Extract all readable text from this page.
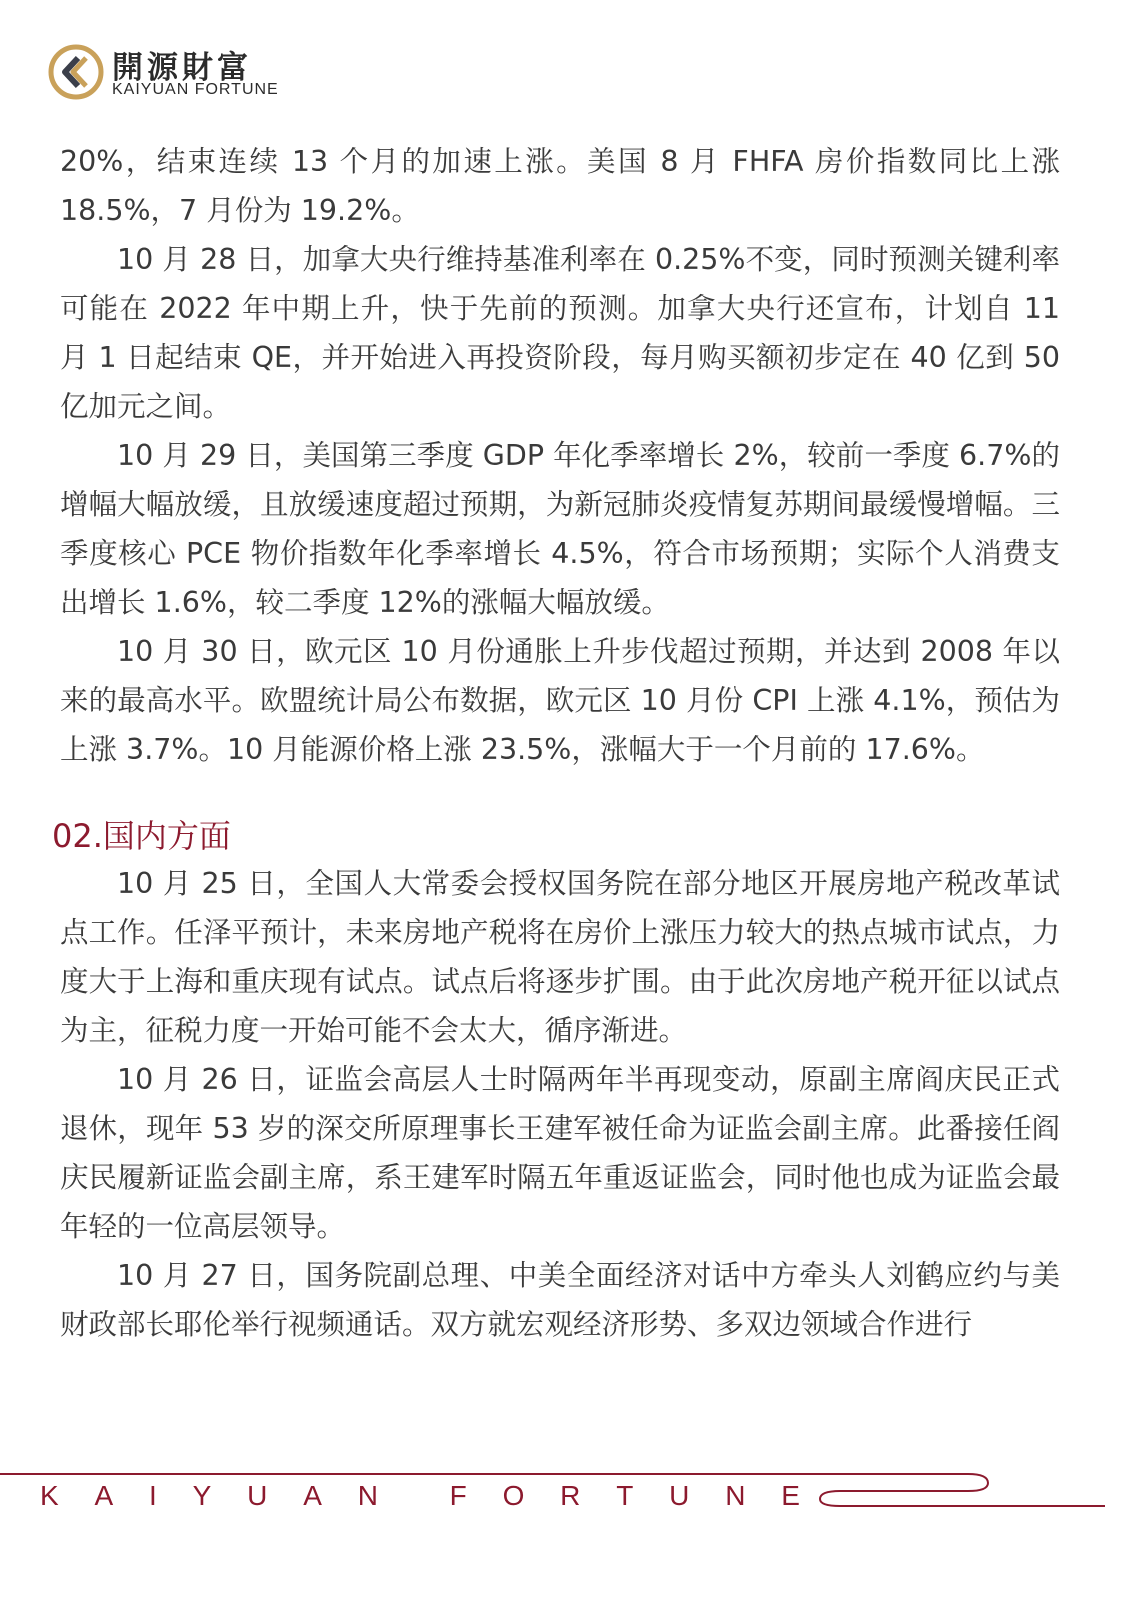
開源財富
KAIYUAN FORTUNE

20%，结束连续 13 个月的加速上涨。美国 8 月 FHFA 房价指数同比上涨 18.5%，7 月份为 19.2%。

10 月 28 日，加拿大央行维持基准利率在 0.25%不变，同时预测关键利率可能在 2022 年中期上升，快于先前的预测。加拿大央行还宣布，计划自 11 月 1 日起结束 QE，并开始进入再投资阶段，每月购买额初步定在 40 亿到 50 亿加元之间。

10 月 29 日，美国第三季度 GDP 年化季率增长 2%，较前一季度 6.7%的增幅大幅放缓，且放缓速度超过预期，为新冠肺炎疫情复苏期间最缓慢增幅。三季度核心 PCE 物价指数年化季率增长 4.5%，符合市场预期；实际个人消费支出增长 1.6%，较二季度 12%的涨幅大幅放缓。

10 月 30 日，欧元区 10 月份通胀上升步伐超过预期，并达到 2008 年以来的最高水平。欧盟统计局公布数据，欧元区 10 月份 CPI 上涨 4.1%，预估为上涨 3.7%。10 月能源价格上涨 23.5%，涨幅大于一个月前的 17.6%。

02.国内方面

10 月 25 日，全国人大常委会授权国务院在部分地区开展房地产税改革试点工作。任泽平预计，未来房地产税将在房价上涨压力较大的热点城市试点，力度大于上海和重庆现有试点。试点后将逐步扩围。由于此次房地产税开征以试点为主，征税力度一开始可能不会太大，循序渐进。

10 月 26 日，证监会高层人士时隔两年半再现变动，原副主席阎庆民正式退休，现年 53 岁的深交所原理事长王建军被任命为证监会副主席。此番接任阎庆民履新证监会副主席，系王建军时隔五年重返证监会，同时他也成为证监会最年轻的一位高层领导。

10 月 27 日，国务院副总理、中美全面经济对话中方牵头人刘鹤应约与美财政部长耶伦举行视频通话。双方就宏观经济形势、多双边领域合作进行

K A I Y U A N	F O R T U N E
